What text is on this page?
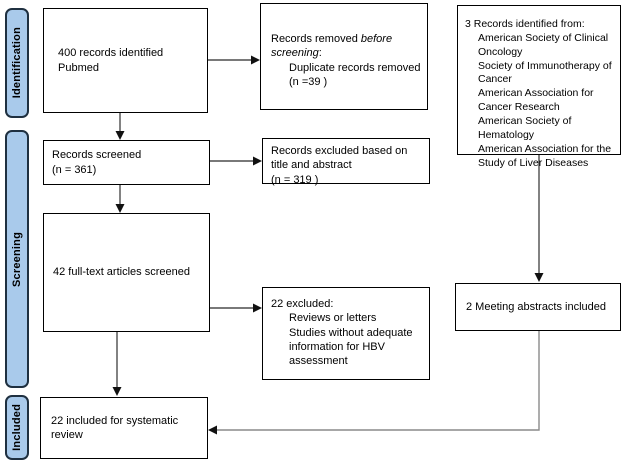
Identification
Screening
Included

400 records identified Pubmed

Records removed before screening:

Duplicate records removed

(n =39 )

3 Records identified from:

American Society of Clinical Oncology

Society of Immunotherapy of Cancer

American Association for Cancer Research

American Society of Hematology

American Association for the Study of Liver Diseases

Records screened

(n = 361)

Records excluded based on title and abstract

(n = 319 )

42 full-text articles screened

22 excluded:

Reviews or letters

Studies without adequate information for HBV assessment

2 Meeting abstracts included

22 included for systematic review
